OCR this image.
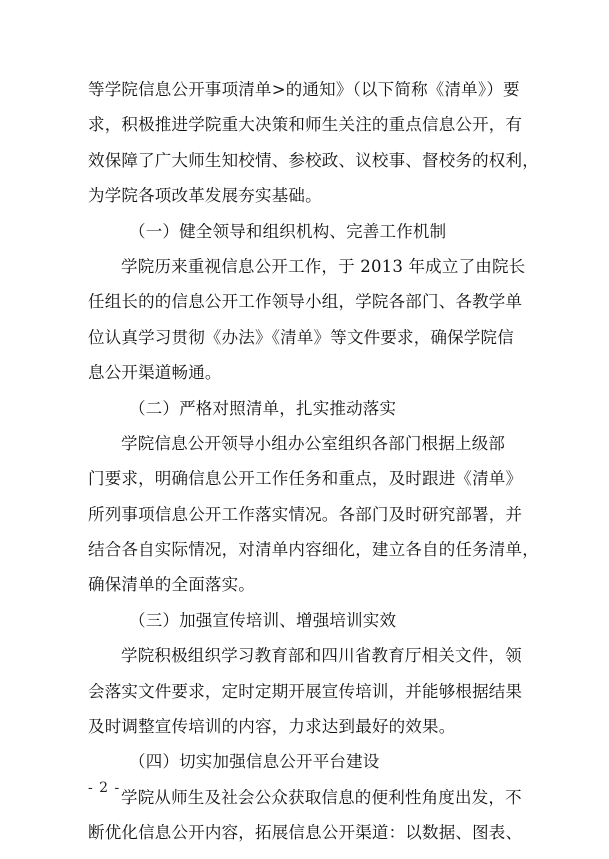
等学院信息公开事项清单>的通知》（以下简称《清单》）要
求，积极推进学院重大决策和师生关注的重点信息公开，有
效保障了广大师生知校情、参校政、议校事、督校务的权利，
为学院各项改革发展夯实基础。
（一）健全领导和组织机构、完善工作机制
学院历来重视信息公开工作，于 2013 年成立了由院长
任组长的的信息公开工作领导小组，学院各部门、各教学单
位认真学习贯彻《办法》《清单》等文件要求，确保学院信
息公开渠道畅通。
（二）严格对照清单，扎实推动落实
学院信息公开领导小组办公室组织各部门根据上级部
门要求，明确信息公开工作任务和重点，及时跟进《清单》
所列事项信息公开工作落实情况。各部门及时研究部署，并
结合各自实际情况，对清单内容细化，建立各自的任务清单，
确保清单的全面落实。
（三）加强宣传培训、增强培训实效
学院积极组织学习教育部和四川省教育厅相关文件，领
会落实文件要求，定时定期开展宣传培训，并能够根据结果
及时调整宣传培训的内容，力求达到最好的效果。
（四）切实加强信息公开平台建设
学院从师生及社会公众获取信息的便利性角度出发，不
断优化信息公开内容，拓展信息公开渠道：以数据、图表、
- 2 -
